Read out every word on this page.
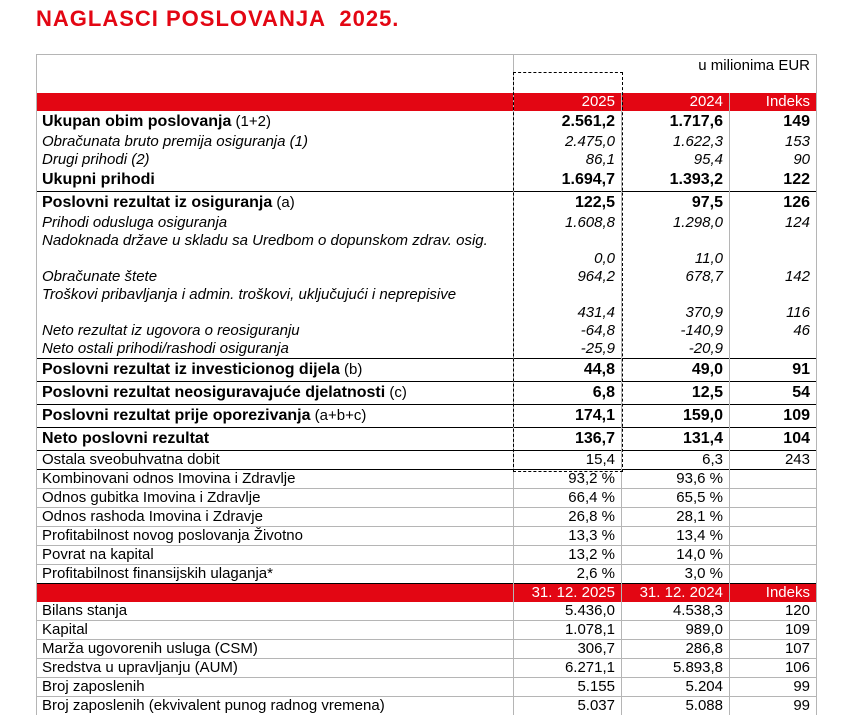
NAGLASCI POSLOVANJA  2025.
	u milionima EUR		
	2025	2024	Indeks
Ukupan obim poslovanja (1+2)	2.561,2	1.717,6	149
Obračunata bruto premija osiguranja (1)	2.475,0	1.622,3	153
Drugi prihodi (2)	86,1	95,4	90
Ukupni prihodi	1.694,7	1.393,2	122
Poslovni rezultat iz osiguranja (a)	122,5	97,5	126
Prihodi odusluga osiguranja	1.608,8	1.298,0	124
Nadoknada države u skladu sa Uredbom o dopunskom zdrav. osig.	0,0	11,0	
Obračunate štete	964,2	678,7	142
Troškovi pribavljanja i admin. troškovi, uključujući i neprepisive	431,4	370,9	116
Neto rezultat iz ugovora o reosiguranju	-64,8	-140,9	46
Neto ostali prihodi/rashodi osiguranja	-25,9	-20,9	
Poslovni rezultat iz investicionog dijela (b)	44,8	49,0	91
Poslovni rezultat neosiguravajuće djelatnosti (c)	6,8	12,5	54
Poslovni rezultat prije oporezivanja (a+b+c)	174,1	159,0	109
Neto poslovni rezultat	136,7	131,4	104
Ostala sveobuhvatna dobit	15,4	6,3	243
Kombinovani odnos Imovina i Zdravlje	93,2 %	93,6 %	
Odnos gubitka Imovina i Zdravlje	66,4 %	65,5 %	
Odnos rashoda Imovina i Zdravje	26,8 %	28,1 %	
Profitabilnost novog poslovanja Životno	13,3 %	13,4 %	
Povrat na kapital	13,2 %	14,0 %	
Profitabilnost finansijskih ulaganja*	2,6 %	3,0 %	
	31. 12. 2025	31. 12. 2024	Indeks
Bilans stanja	5.436,0	4.538,3	120
Kapital	1.078,1	989,0	109
Marža ugovorenih usluga (CSM)	306,7	286,8	107
Sredstva u upravljanju (AUM)	6.271,1	5.893,8	106
Broj zaposlenih	5.155	5.204	99
Broj zaposlenih (ekvivalent punog radnog vremena)	5.037	5.088	99
